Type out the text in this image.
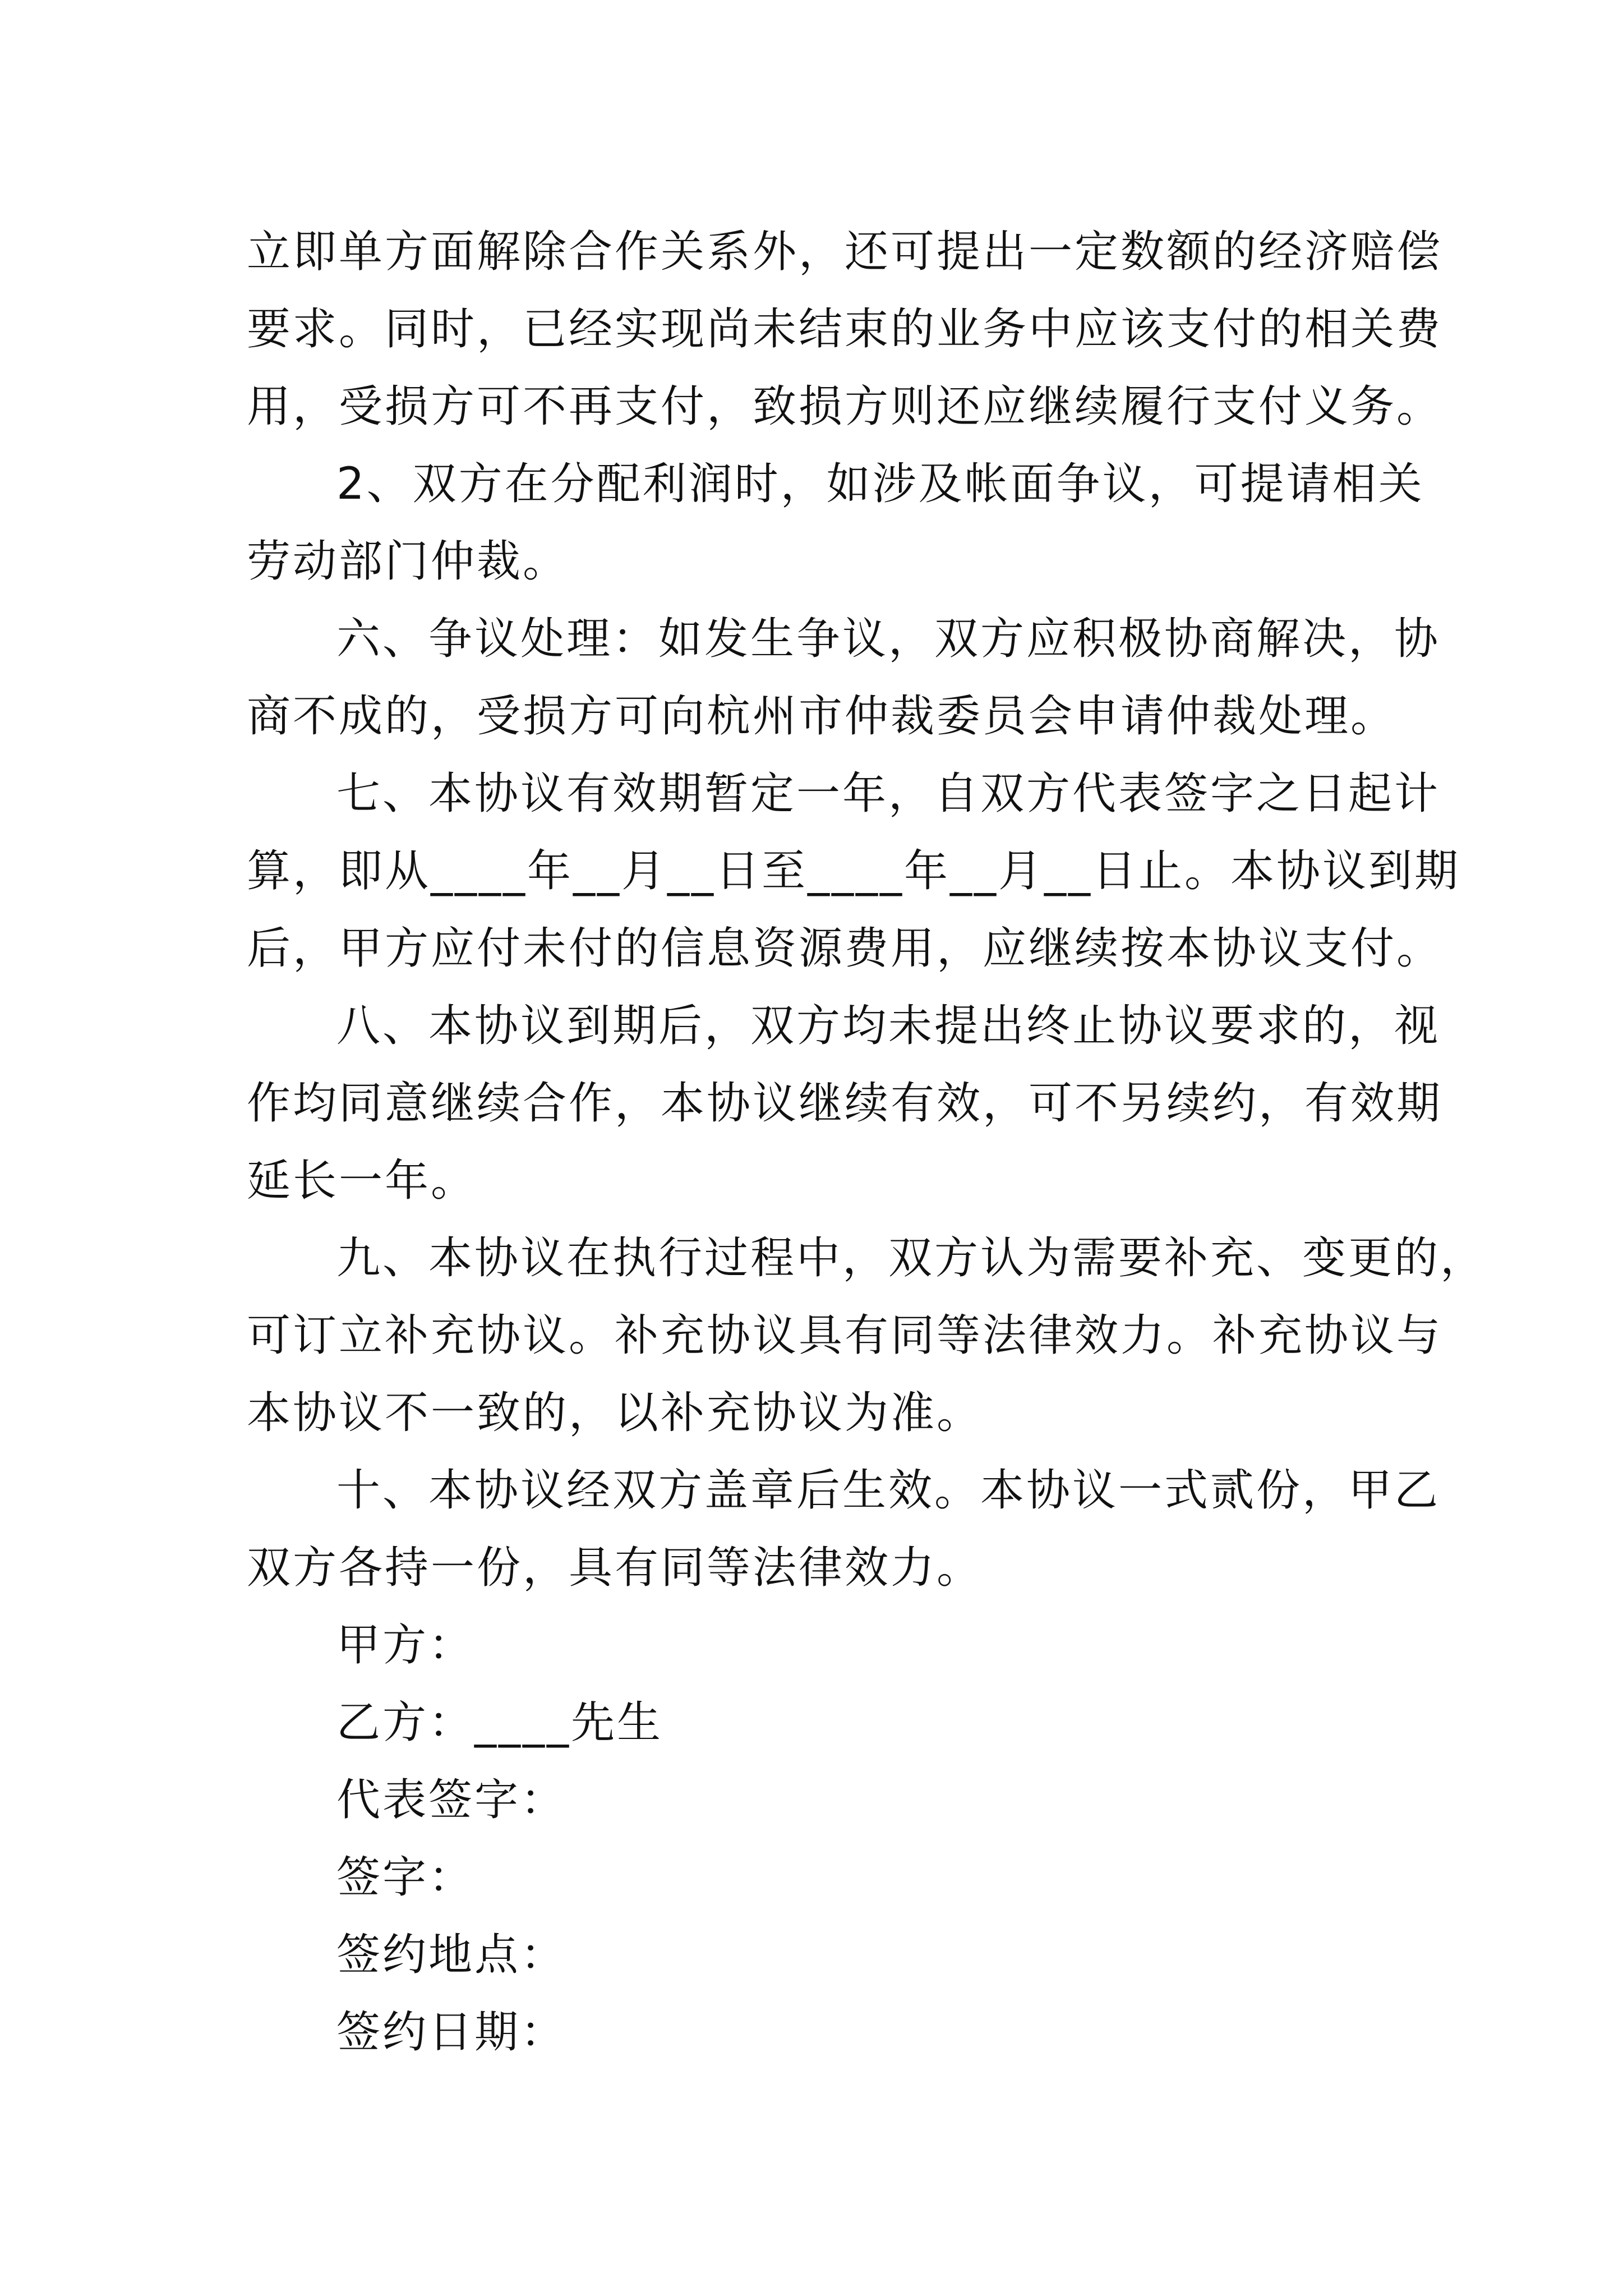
立即单方面解除合作关系外，还可提出一定数额的经济赔偿
要求。同时，已经实现尚未结束的业务中应该支付的相关费
用，受损方可不再支付，致损方则还应继续履行支付义务。
2、双方在分配利润时，如涉及帐面争议，可提请相关
劳动部门仲裁。
六、争议处理：如发生争议，双方应积极协商解决，协
商不成的，受损方可向杭州市仲裁委员会申请仲裁处理。
七、本协议有效期暂定一年，自双方代表签字之日起计
算，即从____年__月__日至____年__月__日止。本协议到期
后，甲方应付未付的信息资源费用，应继续按本协议支付。
八、本协议到期后，双方均未提出终止协议要求的，视
作均同意继续合作，本协议继续有效，可不另续约，有效期
延长一年。
九、本协议在执行过程中，双方认为需要补充、变更的，
可订立补充协议。补充协议具有同等法律效力。补充协议与
本协议不一致的，以补充协议为准。
十、本协议经双方盖章后生效。本协议一式贰份，甲乙
双方各持一份，具有同等法律效力。
甲方：
乙方：____先生
代表签字：
签字：
签约地点：
签约日期：
